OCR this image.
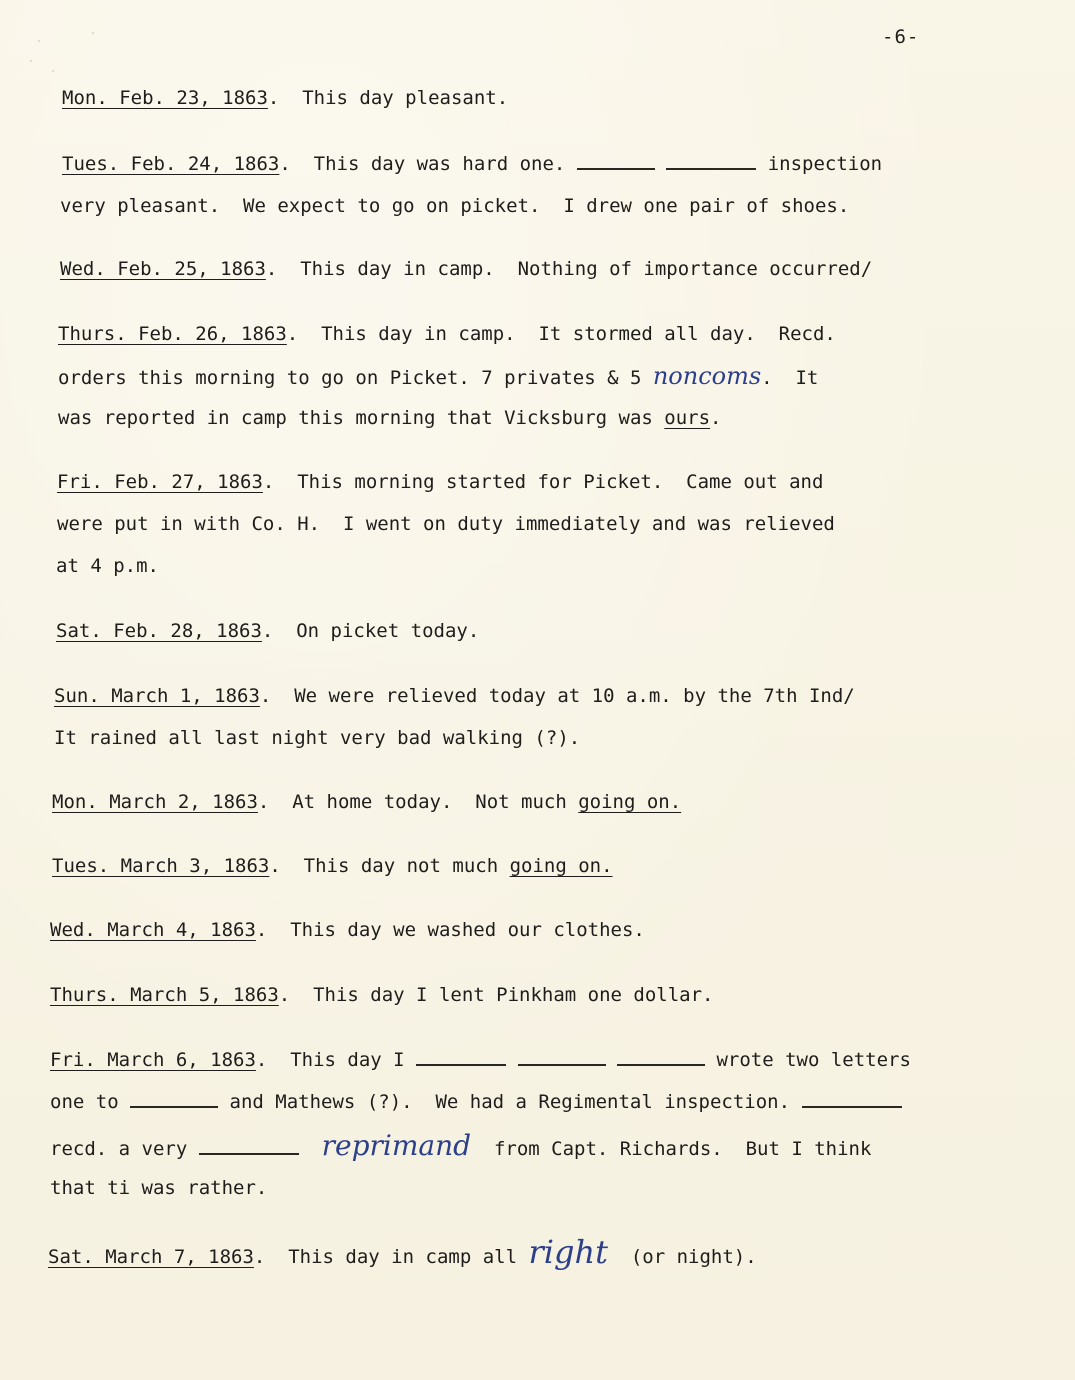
-6-
Mon. Feb. 23, 1863.  This day pleasant.
Tues. Feb. 24, 1863.  This day was hard one.	inspection
very pleasant.  We expect to go on picket.  I drew one pair of shoes.
Wed. Feb. 25, 1863.  This day in camp.  Nothing of importance occurred/
Thurs. Feb. 26, 1863.  This day in camp.  It stormed all day.  Recd.
orders this morning to go on Picket. 7 privates & 5 noncoms.  It
was reported in camp this morning that Vicksburg was ours.
Fri. Feb. 27, 1863.  This morning started for Picket.  Came out and
were put in with Co. H.  I went on duty immediately and was relieved
at 4 p.m.
Sat. Feb. 28, 1863.  On picket today.
Sun. March 1, 1863.  We were relieved today at 10 a.m. by the 7th Ind/
It rained all last night very bad walking (?).
Mon. March 2, 1863.  At home today.  Not much going on.
Tues. March 3, 1863.  This day not much going on.
Wed. March 4, 1863.  This day we washed our clothes.
Thurs. March 5, 1863.  This day I lent Pinkham one dollar.
Fri. March 6, 1863.  This day I	wrote two letters
one to	and Mathews (?).  We had a Regimental inspection.
recd. a very	reprimand from Capt. Richards.  But I think
that ti was rather.
Sat. March 7, 1863.  This day in camp all right (or night).
